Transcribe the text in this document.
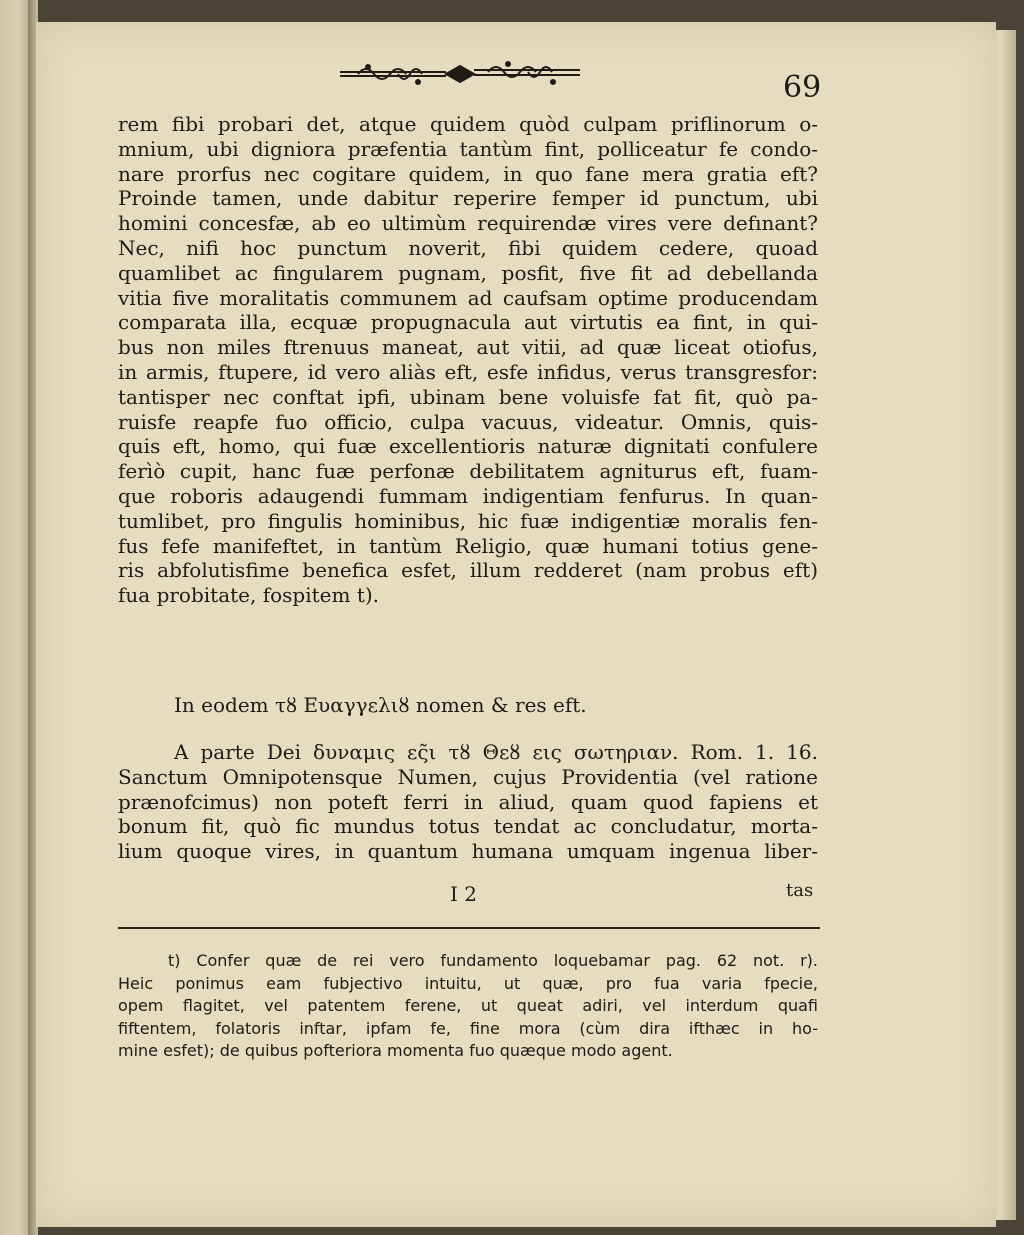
69
rem fibi probari det, atque quidem quòd culpam priflinorum o-
mnium, ubi digniora præfentia tantùm fint, polliceatur fe condo-
nare prorfus nec cogitare quidem, in quo fane mera gratia eft?
Proinde tamen, unde dabitur reperire femper id punctum, ubi
homini concesfæ, ab eo ultimùm requirendæ vires vere defınant?
Nec, nifi hoc punctum noverit, fibi quidem cedere, quoad
quamlibet ac fingularem pugnam, posfit, five fit ad debellanda
vitia five moralitatis communem ad caufsam optime producendam
comparata illa, ecquæ propugnacula aut virtutis ea fint, in qui-
bus non miles ftrenuus maneat, aut vitii, ad quæ liceat otiofus,
in armis, ftupere, id vero aliàs eft, esfe infidus, verus transgresfor:
tantisper nec conftat ipfi, ubinam bene voluisfe fat fit, quò pa-
ruisfe reapfe fuo officio, culpa vacuus, videatur. Omnis, quis-
quis eft, homo, qui fuæ excellentioris naturæ dignitati confulere
ferìò cupit, hanc fuæ perfonæ debilitatem agniturus eft, fuam-
que roboris adaugendi fummam indigentiam fenfurus. In quan-
tumlibet, pro fingulis hominibus, hic fuæ indigentiæ moralis fen-
fus fefe manifeftet, in tantùm Religio, quæ humani totius gene-
ris abfolutisfime benefica esfet, illum redderet (nam probus eft)
fua probitate, fospitem t).
In eodem τȣ Ευαγγελιȣ nomen & res eft.
A parte Dei δυναμις ες̃ι τȣ Θεȣ εις σωτηριαν. Rom. 1. 16.
Sanctum Omnipotensque Numen, cujus Providentia (vel ratione
prænofcimus) non poteft ferri in aliud, quam quod fapiens et
bonum fit, quò fic mundus totus tendat ac concludatur, morta-
lium quoque vires, in quantum humana umquam ingenua liber-
I 2	tas
t) Confer quæ de rei vero fundamento loquebamar pag. 62 not. r).
Heic ponimus eam fubjectivo intuitu, ut quæ, pro fua varia fpecie,
opem flagitet, vel patentem ferene, ut queat adiri, vel interdum quafi
fiftentem, folatoris inftar, ipfam fe, fine mora (cùm dira ifthæc in ho-
mine esfet); de quibus pofteriora momenta fuo quæque modo agent.
